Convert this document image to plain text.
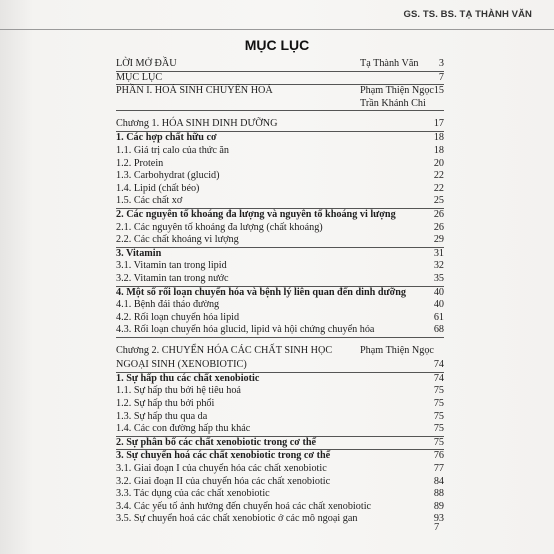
GS. TS. BS. TẠ THÀNH VĂN
MỤC LỤC
LỜI MỞ ĐẦU	Tạ Thành Văn 3
MỤC LỤC	7
PHẦN I. HOÁ SINH CHUYÊN HOÁ	Phạm Thiện Ngọc 15
Trần Khánh Chi
Chương 1. HÓA SINH DINH DƯỠNG	17
1. Các hợp chất hữu cơ	18
1.1. Giá trị calo của thức ăn	18
1.2. Protein	20
1.3. Carbohydrat (glucid)	22
1.4. Lipid (chất béo)	22
1.5. Các chất xơ	25
2. Các nguyên tố khoáng đa lượng và nguyên tố khoáng vi lượng	26
2.1. Các nguyên tố khoáng đa lượng (chất khoáng)	26
2.2. Các chất khoáng vi lượng	29
3. Vitamin	31
3.1. Vitamin tan trong lipid	32
3.2. Vitamin tan trong nước	35
4. Một số rối loạn chuyển hóa và bệnh lý liên quan đến dinh dưỡng	40
4.1. Bệnh đái tháo đường	40
4.2. Rối loạn chuyển hóa lipid	61
4.3. Rối loạn chuyển hóa glucid, lipid và hội chứng chuyển hóa	68
Chương 2. CHUYỂN HÓA CÁC CHẤT SINH HỌC	Phạm Thiện Ngọc
NGOẠI SINH (XENOBIOTIC)	74
1. Sự hấp thu các chất xenobiotic	74
1.1. Sự hấp thu bởi hệ tiêu hoá	75
1.2. Sự hấp thu bởi phổi	75
1.3. Sự hấp thu qua da	75
1.4. Các con đường hấp thu khác	75
2. Sự phân bố các chất xenobiotic trong cơ thể	75
3. Sự chuyển hoá các chất xenobiotic trong cơ thể	76
3.1. Giai đoạn I của chuyển hóa các chất xenobiotic	77
3.2. Giai đoạn II của chuyển hóa các chất xenobiotic	84
3.3. Tác dụng của các chất xenobiotic	88
3.4. Các yếu tố ảnh hưởng đến chuyển hoá các chất xenobiotic	89
3.5. Sự chuyển hoá các chất xenobiotic ở các mô ngoại gan	93
7
